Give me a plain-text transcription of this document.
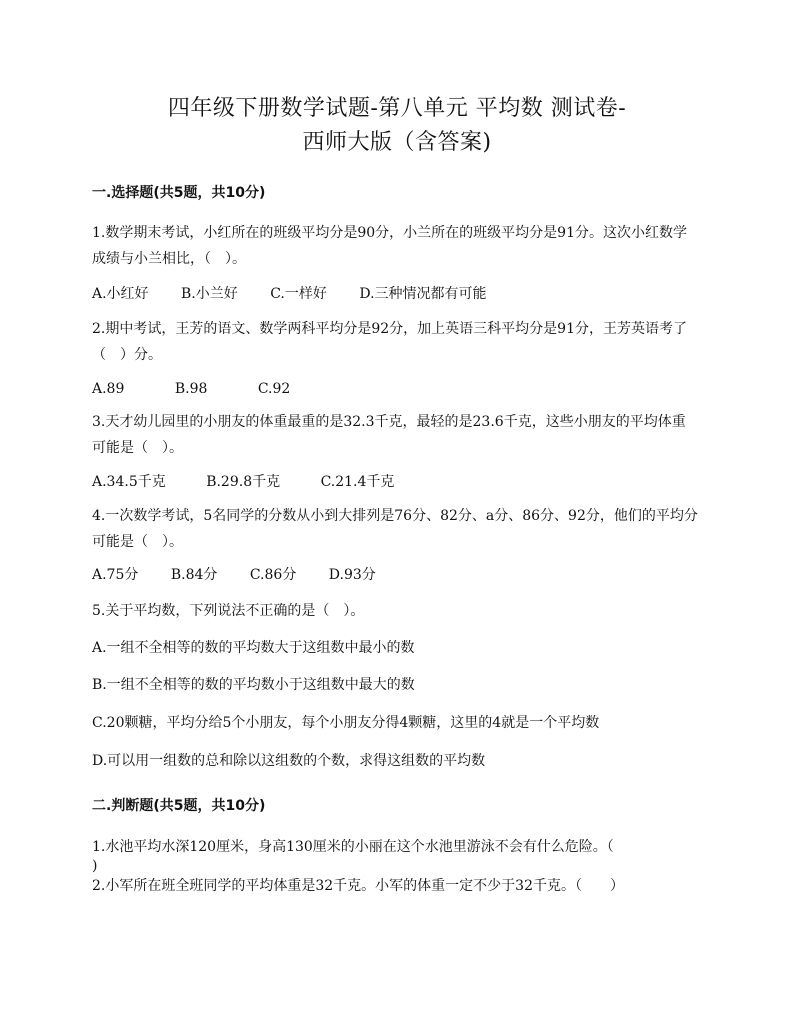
四年级下册数学试题-第八单元 平均数 测试卷-
西师大版（含答案)
一.选择题(共5题，共10分)
1.数学期末考试，小红所在的班级平均分是90分，小兰所在的班级平均分是91分。这次小红数学成绩与小兰相比，（　）。
A.小红好 B.小兰好 C.一样好 D.三种情况都有可能
2.期中考试，王芳的语文、数学两科平均分是92分，加上英语三科平均分是91分，王芳英语考了（　）分。
A.89	B.98	C.92
3.天才幼儿园里的小朋友的体重最重的是32.3千克，最轻的是23.6千克，这些小朋友的平均体重可能是（　）。
A.34.5千克	B.29.8千克	C.21.4千克
4.一次数学考试，5名同学的分数从小到大排列是76分、82分、a分、86分、92分，他们的平均分可能是（　）。
A.75分 B.84分 C.86分 D.93分
5.关于平均数，下列说法不正确的是（　）。
A.一组不全相等的数的平均数大于这组数中最小的数
B.一组不全相等的数的平均数小于这组数中最大的数
C.20颗糖，平均分给5个小朋友，每个小朋友分得4颗糖，这里的4就是一个平均数
D.可以用一组数的总和除以这组数的个数，求得这组数的平均数
二.判断题(共5题，共10分)
1.水池平均水深120厘米，身高130厘米的小丽在这个水池里游泳不会有什么危险。（
)
2.小军所在班全班同学的平均体重是32千克。小军的体重一定不少于32千克。（　　）
